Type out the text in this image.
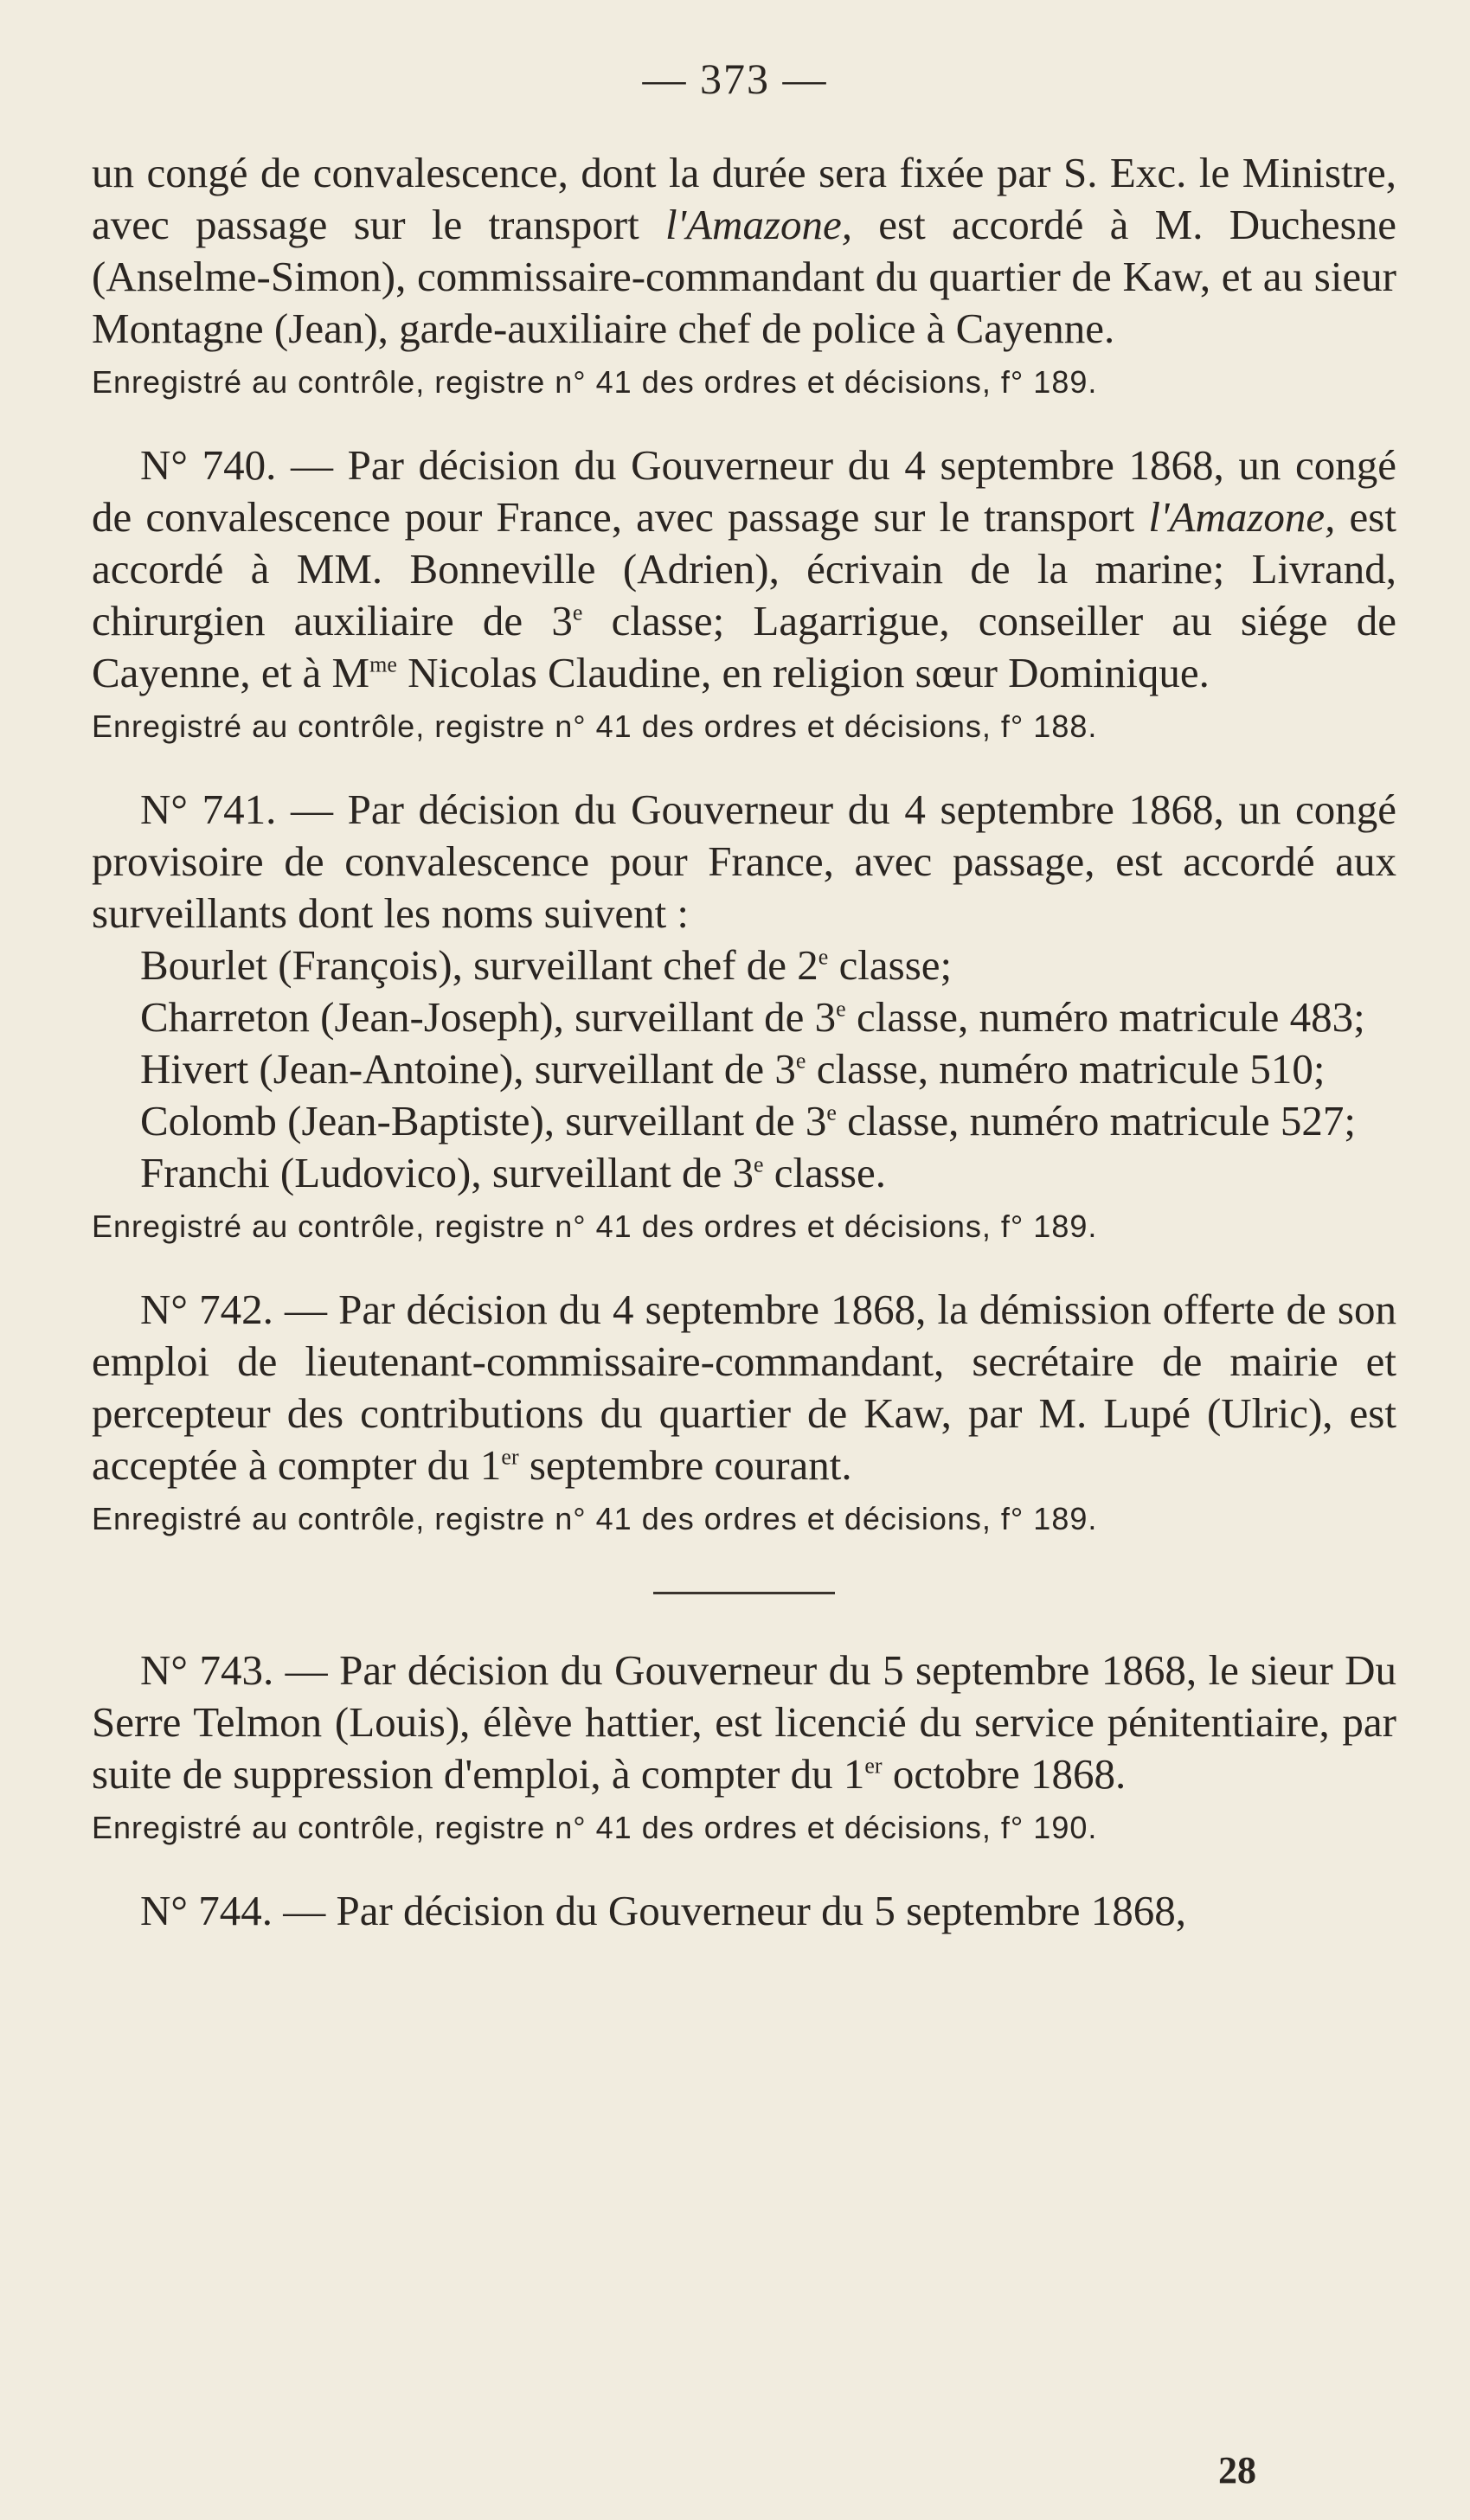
— 373 —

un congé de convalescence, dont la durée sera fixée par S. Exc. le Ministre, avec passage sur le transport l'Amazone, est accordé à M. Duchesne (Anselme-Simon), commissaire-commandant du quartier de Kaw, et au sieur Montagne (Jean), garde-auxiliaire chef de police à Cayenne.

Enregistré au contrôle, registre n° 41 des ordres et décisions, f° 189.

N° 740. — Par décision du Gouverneur du 4 septembre 1868, un congé de convalescence pour France, avec passage sur le transport l'Amazone, est accordé à MM. Bonneville (Adrien), écrivain de la marine; Livrand, chirurgien auxiliaire de 3e classe; Lagarrigue, conseiller au siége de Cayenne, et à $M^{me}$ Nicolas Claudine, en religion sœur Dominique.

Enregistré au contrôle, registre n° 41 des ordres et décisions, f° 188.

N° 741. — Par décision du Gouverneur du 4 septembre 1868, un congé provisoire de convalescence pour France, avec passage, est accordé aux surveillants dont les noms suivent :

Bourlet (François), surveillant chef de 2e classe;

Charreton (Jean-Joseph), surveillant de 3e classe, numéro matricule 483;

Hivert (Jean-Antoine), surveillant de 3e classe, numéro matricule 510;

Colomb (Jean-Baptiste), surveillant de 3e classe, numéro matricule 527;

Franchi (Ludovico), surveillant de 3e classe.

Enregistré au contrôle, registre n° 41 des ordres et décisions, f° 189.

N° 742. — Par décision du 4 septembre 1868, la démission offerte de son emploi de lieutenant-commissaire-commandant, secrétaire de mairie et percepteur des contributions du quartier de Kaw, par M. Lupé (Ulric), est acceptée à compter du 1er septembre courant.

Enregistré au contrôle, registre n° 41 des ordres et décisions, f° 189.

N° 743. — Par décision du Gouverneur du 5 septembre 1868, le sieur Du Serre Telmon (Louis), élève hattier, est licencié du service pénitentiaire, par suite de suppression d'emploi, à compter du 1er octobre 1868.

Enregistré au contrôle, registre n° 41 des ordres et décisions, f° 190.

N° 744. — Par décision du Gouverneur du 5 septembre 1868,

28
